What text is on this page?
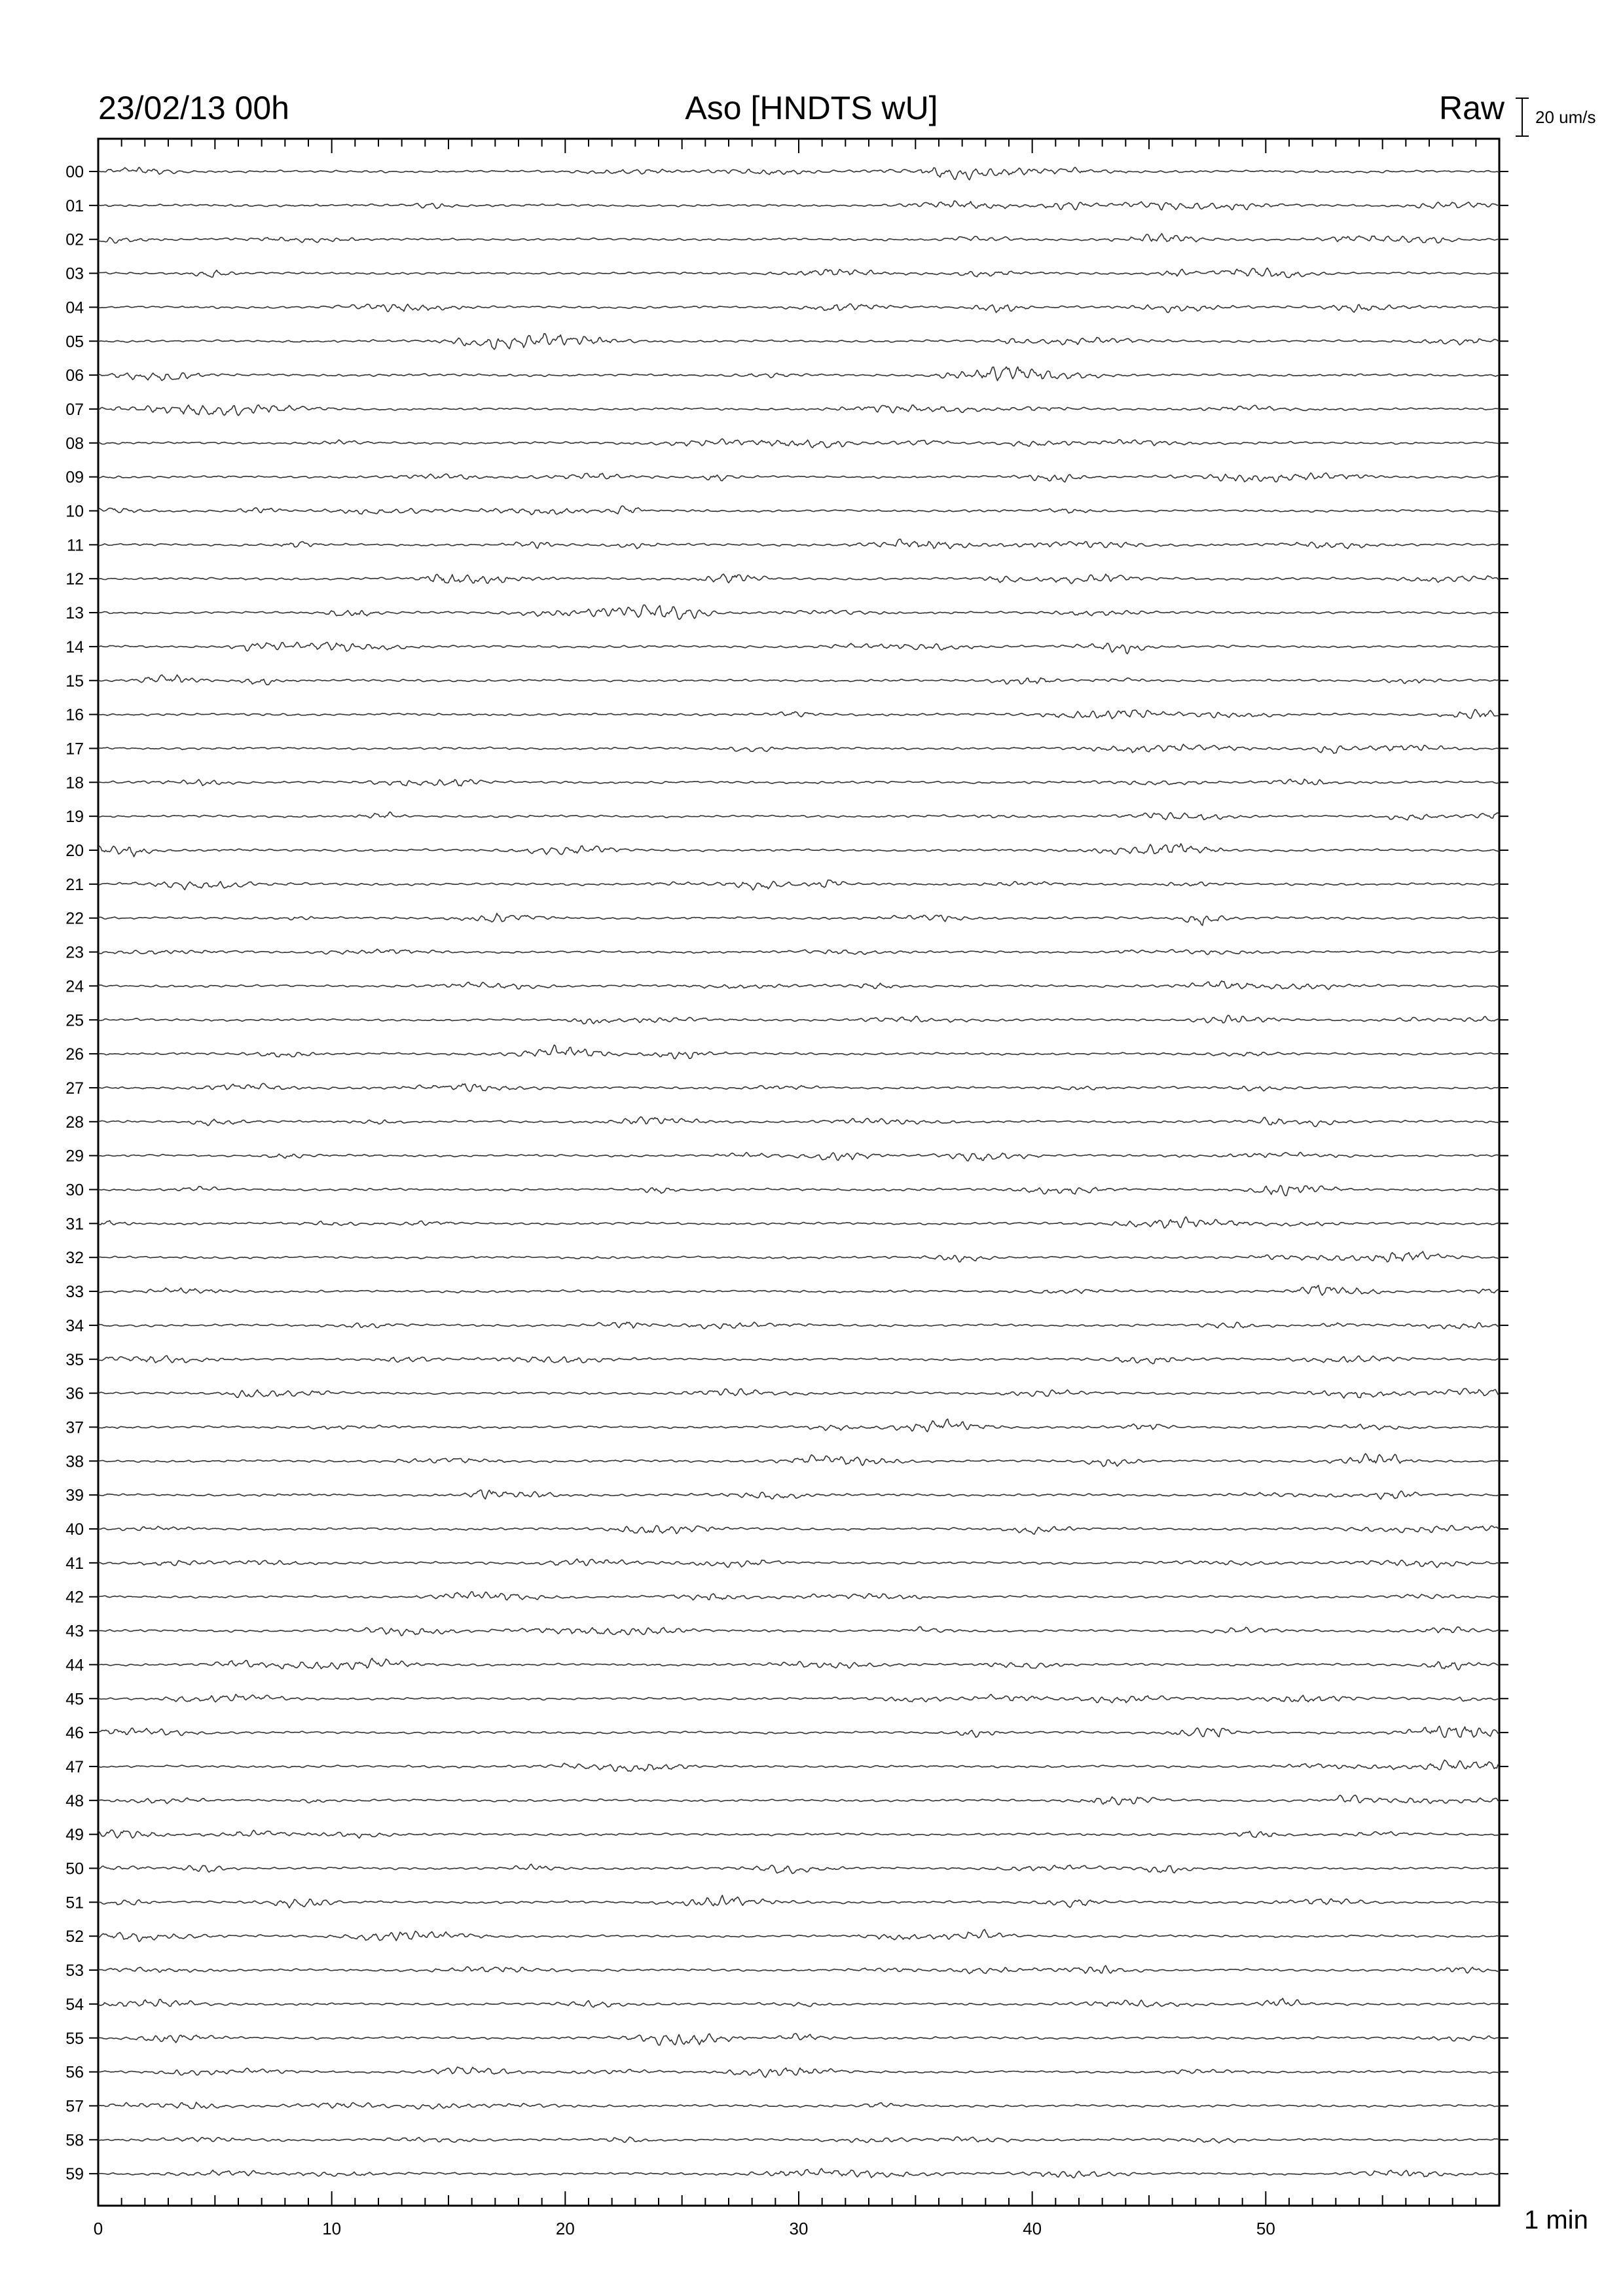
23/02/13 00h	Aso [HNDTS wU]	Raw 20 um/s
1 min
00
01
02
03
04
05
06
07
08
09
10
11
12
13
14
15
16
17
18
19
20
21
22
23
24
25
26
27
28
29
30
31
32
33
34
35
36
37
38
39
40
41
42
43
44
45
46
47
48
49
50
51
52
53
54
55
56
57
58
59
0	10	20	30	40	50
